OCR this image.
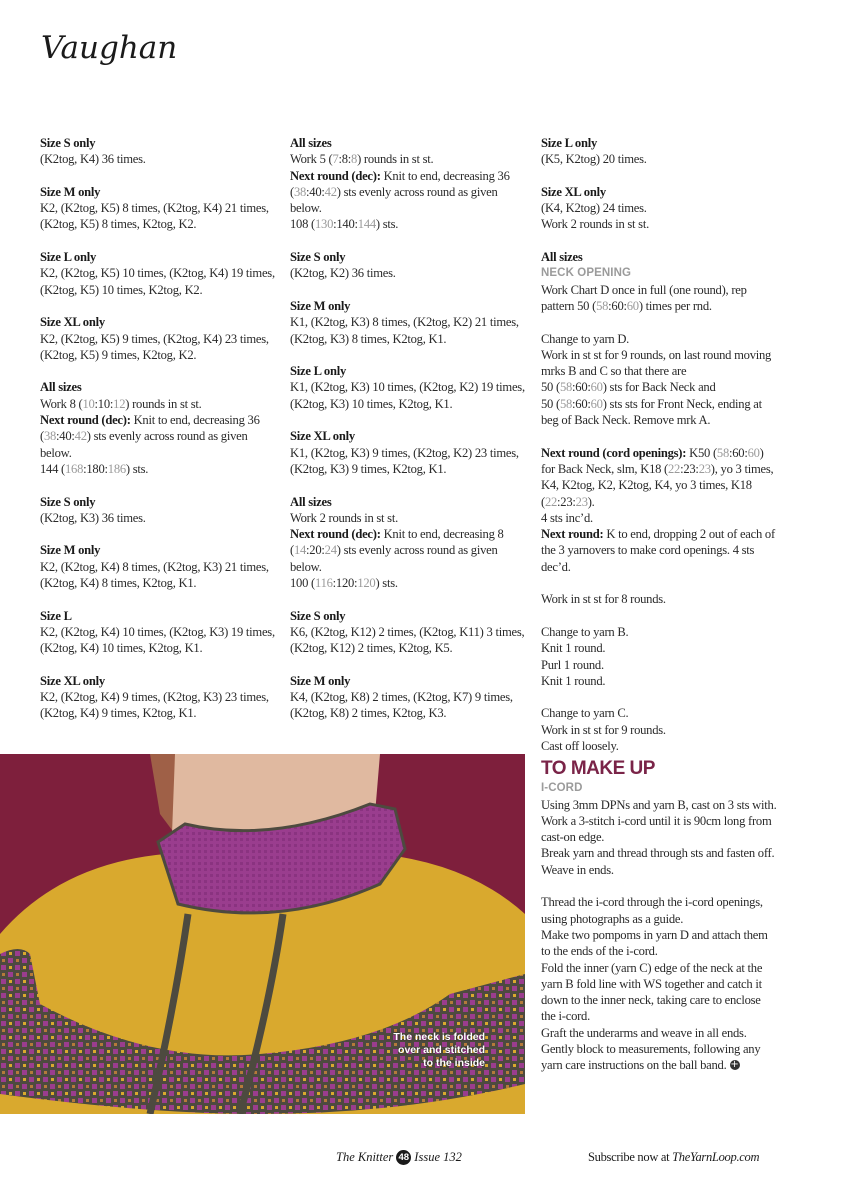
Vaughan

Size S only

(K2tog, K4) 36 times.

Size M only

K2, (K2tog, K5) 8 times, (K2tog, K4) 21 times, (K2tog, K5) 8 times, K2tog, K2.

Size L only

K2, (K2tog, K5) 10 times, (K2tog, K4) 19 times, (K2tog, K5) 10 times, K2tog, K2.

Size XL only

K2, (K2tog, K5) 9 times, (K2tog, K4) 23 times, (K2tog, K5) 9 times, K2tog, K2.

All sizes

Work 8 (10:10:12) rounds in st st.

Next round (dec): Knit to end, decreasing 36 (38:40:42) sts evenly across round as given below.

144 (168:180:186) sts.

Size S only

(K2tog, K3) 36 times.

Size M only

K2, (K2tog, K4) 8 times, (K2tog, K3) 21 times, (K2tog, K4) 8 times, K2tog, K1.

Size L

K2, (K2tog, K4) 10 times, (K2tog, K3) 19 times, (K2tog, K4) 10 times, K2tog, K1.

Size XL only

K2, (K2tog, K4) 9 times, (K2tog, K3) 23 times, (K2tog, K4) 9 times, K2tog, K1.

All sizes

Work 5 (7:8:8) rounds in st st.

Next round (dec): Knit to end, decreasing 36 (38:40:42) sts evenly across round as given below.

108 (130:140:144) sts.

Size S only

(K2tog, K2) 36 times.

Size M only

K1, (K2tog, K3) 8 times, (K2tog, K2) 21 times, (K2tog, K3) 8 times, K2tog, K1.

Size L only

K1, (K2tog, K3) 10 times, (K2tog, K2) 19 times, (K2tog, K3) 10 times, K2tog, K1.

Size XL only

K1, (K2tog, K3) 9 times, (K2tog, K2) 23 times, (K2tog, K3) 9 times, K2tog, K1.

All sizes

Work 2 rounds in st st.

Next round (dec): Knit to end, decreasing 8 (14:20:24) sts evenly across round as given below.

100 (116:120:120) sts.

Size S only

K6, (K2tog, K12) 2 times, (K2tog, K11) 3 times, (K2tog, K12) 2 times, K2tog, K5.

Size M only

K4, (K2tog, K8) 2 times, (K2tog, K7) 9 times, (K2tog, K8) 2 times, K2tog, K3.

Size L only

(K5, K2tog) 20 times.

Size XL only

(K4, K2tog) 24 times.

Work 2 rounds in st st.

All sizes

NECK OPENING

Work Chart D once in full (one round), rep pattern 50 (58:60:60) times per rnd.

Change to yarn D.

Work in st st for 9 rounds, on last round moving mrks B and C so that there are

50 (58:60:60) sts for Back Neck and

50 (58:60:60) sts sts for Front Neck, ending at beg of Back Neck. Remove mrk A.

Next round (cord openings): K50 (58:60:60) for Back Neck, slm, K18 (22:23:23), yo 3 times, K4, K2tog, K2, K2tog, K4, yo 3 times, K18 (22:23:23).

4 sts inc’d.

Next round: K to end, dropping 2 out of each of the 3 yarnovers to make cord openings. 4 sts dec’d.

Work in st st for 8 rounds.

Change to yarn B.

Knit 1 round.

Purl 1 round.

Knit 1 round.

Change to yarn C.

Work in st st for 9 rounds.

Cast off loosely.

TO MAKE UP

I-CORD

Using 3mm DPNs and yarn B, cast on 3 sts with.

Work a 3-stitch i-cord until it is 90cm long from cast-on edge.

Break yarn and thread through sts and fasten off. Weave in ends.

Thread the i-cord through the i-cord openings, using photographs as a guide.

Make two pompoms in yarn D and attach them to the ends of the i-cord.

Fold the inner (yarn C) edge of the neck at the yarn B fold line with WS together and catch it down to the inner neck, taking care to enclose the i-cord.

Graft the underarms and weave in all ends.

Gently block to measurements, following any yarn care instructions on the ball band.+

The neck is folded
over and stitched
to the inside
The Knitter 48 Issue 132	Subscribe now at TheYarnLoop.com
